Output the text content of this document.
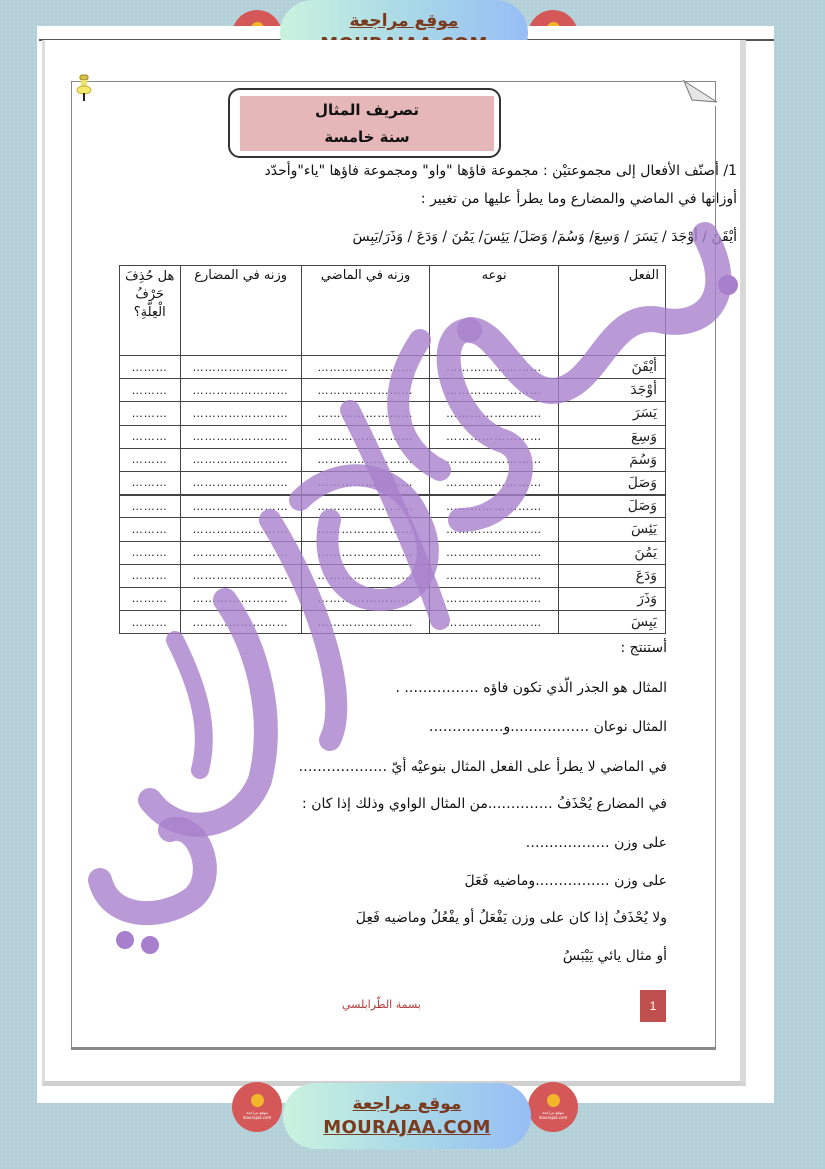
موقع مراجعة
تصريف المثال
سنة خامسة
1/ أصنّف الأفعال إلى مجموعتيْن : مجموعة فاؤها "واو" ومجموعة فاؤها "ياء"وأحدّد
أوزانها في الماضي والمضارع وما يطرأ عليها من تغيير :
أيْقَنَ / أوْجَدَ / يَسَرَ / وَسِعَ/ وَسُمَ/ وَصَلَ/ يَئِسَ/ يَمُنَ / وَدَعَ / وَذَرَ/يَبِسَ
الفعل	نوعه	وزنه في الماضي	وزنه في المضارع	هل حُذِفَ حَرْفُ الْعِلّةِ؟
أيْقَنَ	……………………	……………………	……………………	………
أوْجَدَ	……………………	……………………	……………………	………
يَسَرَ	……………………	……………………	……………………	………
وَسِعَ	……………………	……………………	……………………	………
وَسُمَ	……………………	……………………	……………………	………
وَصَلَ	……………………	……………………	……………………	………
وَصَلَ	……………………	……………………	……………………	………
يَئِسَ	……………………	……………………	……………………	………
يَمُنَ	……………………	……………………	……………………	………
وَدَعَ	……………………	……………………	……………………	………
وَذَرَ	……………………	……………………	……………………	………
يَبِسَ	……………………	……………………	……………………	………
أستنتج :
المثال هو الجذر الّذي تكون فاؤه ……………. .
المثال نوعان ……………..و…………….
في الماضي لا يطرأ على الفعل المثال بنوعيْه أيّ ……………….
في المضارع يُحْذَفُ …………..من المثال الواوي وذلك إذا كان :
على وزن ………………
على وزن …………….وماضيه فَعَلَ
ولا يُحْذَفُ إذا كان على وزن يَفْعَلُ أو يفْعُلُ وماضيه فَعِلَ
أو مثال يائي يَيْبَسُ
بسمة الطّرابلسي	1
موقع مراجعة
mourajaa.com
موقع مراجعة
mourajaa.com
موقع مراجعة
MOURAJAA.COM
